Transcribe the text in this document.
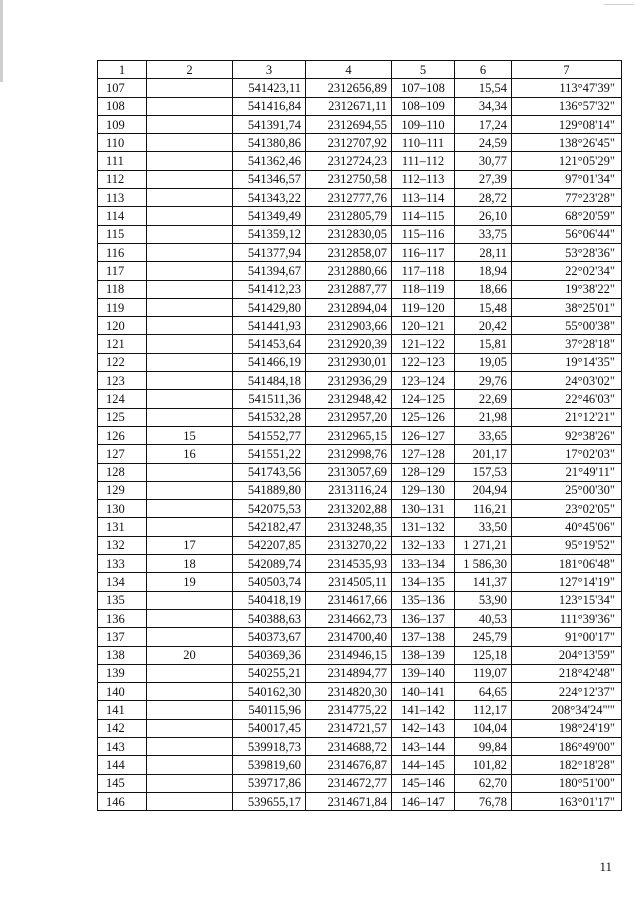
1	2	3	4	5	6	7
107		541423,11	2312656,89	107–108	15,54	113°47'39"
108		541416,84	2312671,11	108–109	34,34	136°57'32"
109		541391,74	2312694,55	109–110	17,24	129°08'14"
110		541380,86	2312707,92	110–111	24,59	138°26'45"
111		541362,46	2312724,23	111–112	30,77	121°05'29"
112		541346,57	2312750,58	112–113	27,39	97°01'34"
113		541343,22	2312777,76	113–114	28,72	77°23'28"
114		541349,49	2312805,79	114–115	26,10	68°20'59"
115		541359,12	2312830,05	115–116	33,75	56°06'44"
116		541377,94	2312858,07	116–117	28,11	53°28'36"
117		541394,67	2312880,66	117–118	18,94	22°02'34"
118		541412,23	2312887,77	118–119	18,66	19°38'22"
119		541429,80	2312894,04	119–120	15,48	38°25'01"
120		541441,93	2312903,66	120–121	20,42	55°00'38"
121		541453,64	2312920,39	121–122	15,81	37°28'18"
122		541466,19	2312930,01	122–123	19,05	19°14'35"
123		541484,18	2312936,29	123–124	29,76	24°03'02"
124		541511,36	2312948,42	124–125	22,69	22°46'03"
125		541532,28	2312957,20	125–126	21,98	21°12'21"
126	15	541552,77	2312965,15	126–127	33,65	92°38'26"
127	16	541551,22	2312998,76	127–128	201,17	17°02'03"
128		541743,56	2313057,69	128–129	157,53	21°49'11"
129		541889,80	2313116,24	129–130	204,94	25°00'30"
130		542075,53	2313202,88	130–131	116,21	23°02'05"
131		542182,47	2313248,35	131–132	33,50	40°45'06"
132	17	542207,85	2313270,22	132–133	1 271,21	95°19'52"
133	18	542089,74	2314535,93	133–134	1 586,30	181°06'48"
134	19	540503,74	2314505,11	134–135	141,37	127°14'19"
135		540418,19	2314617,66	135–136	53,90	123°15'34"
136		540388,63	2314662,73	136–137	40,53	111°39'36"
137		540373,67	2314700,40	137–138	245,79	91°00'17"
138	20	540369,36	2314946,15	138–139	125,18	204°13'59"
139		540255,21	2314894,77	139–140	119,07	218°42'48"
140		540162,30	2314820,30	140–141	64,65	224°12'37"
141		540115,96	2314775,22	141–142	112,17	208°34'24"'"
142		540017,45	2314721,57	142–143	104,04	198°24'19"
143		539918,73	2314688,72	143–144	99,84	186°49'00"
144		539819,60	2314676,87	144–145	101,82	182°18'28"
145		539717,86	2314672,77	145–146	62,70	180°51'00"
146		539655,17	2314671,84	146–147	76,78	163°01'17"
11
